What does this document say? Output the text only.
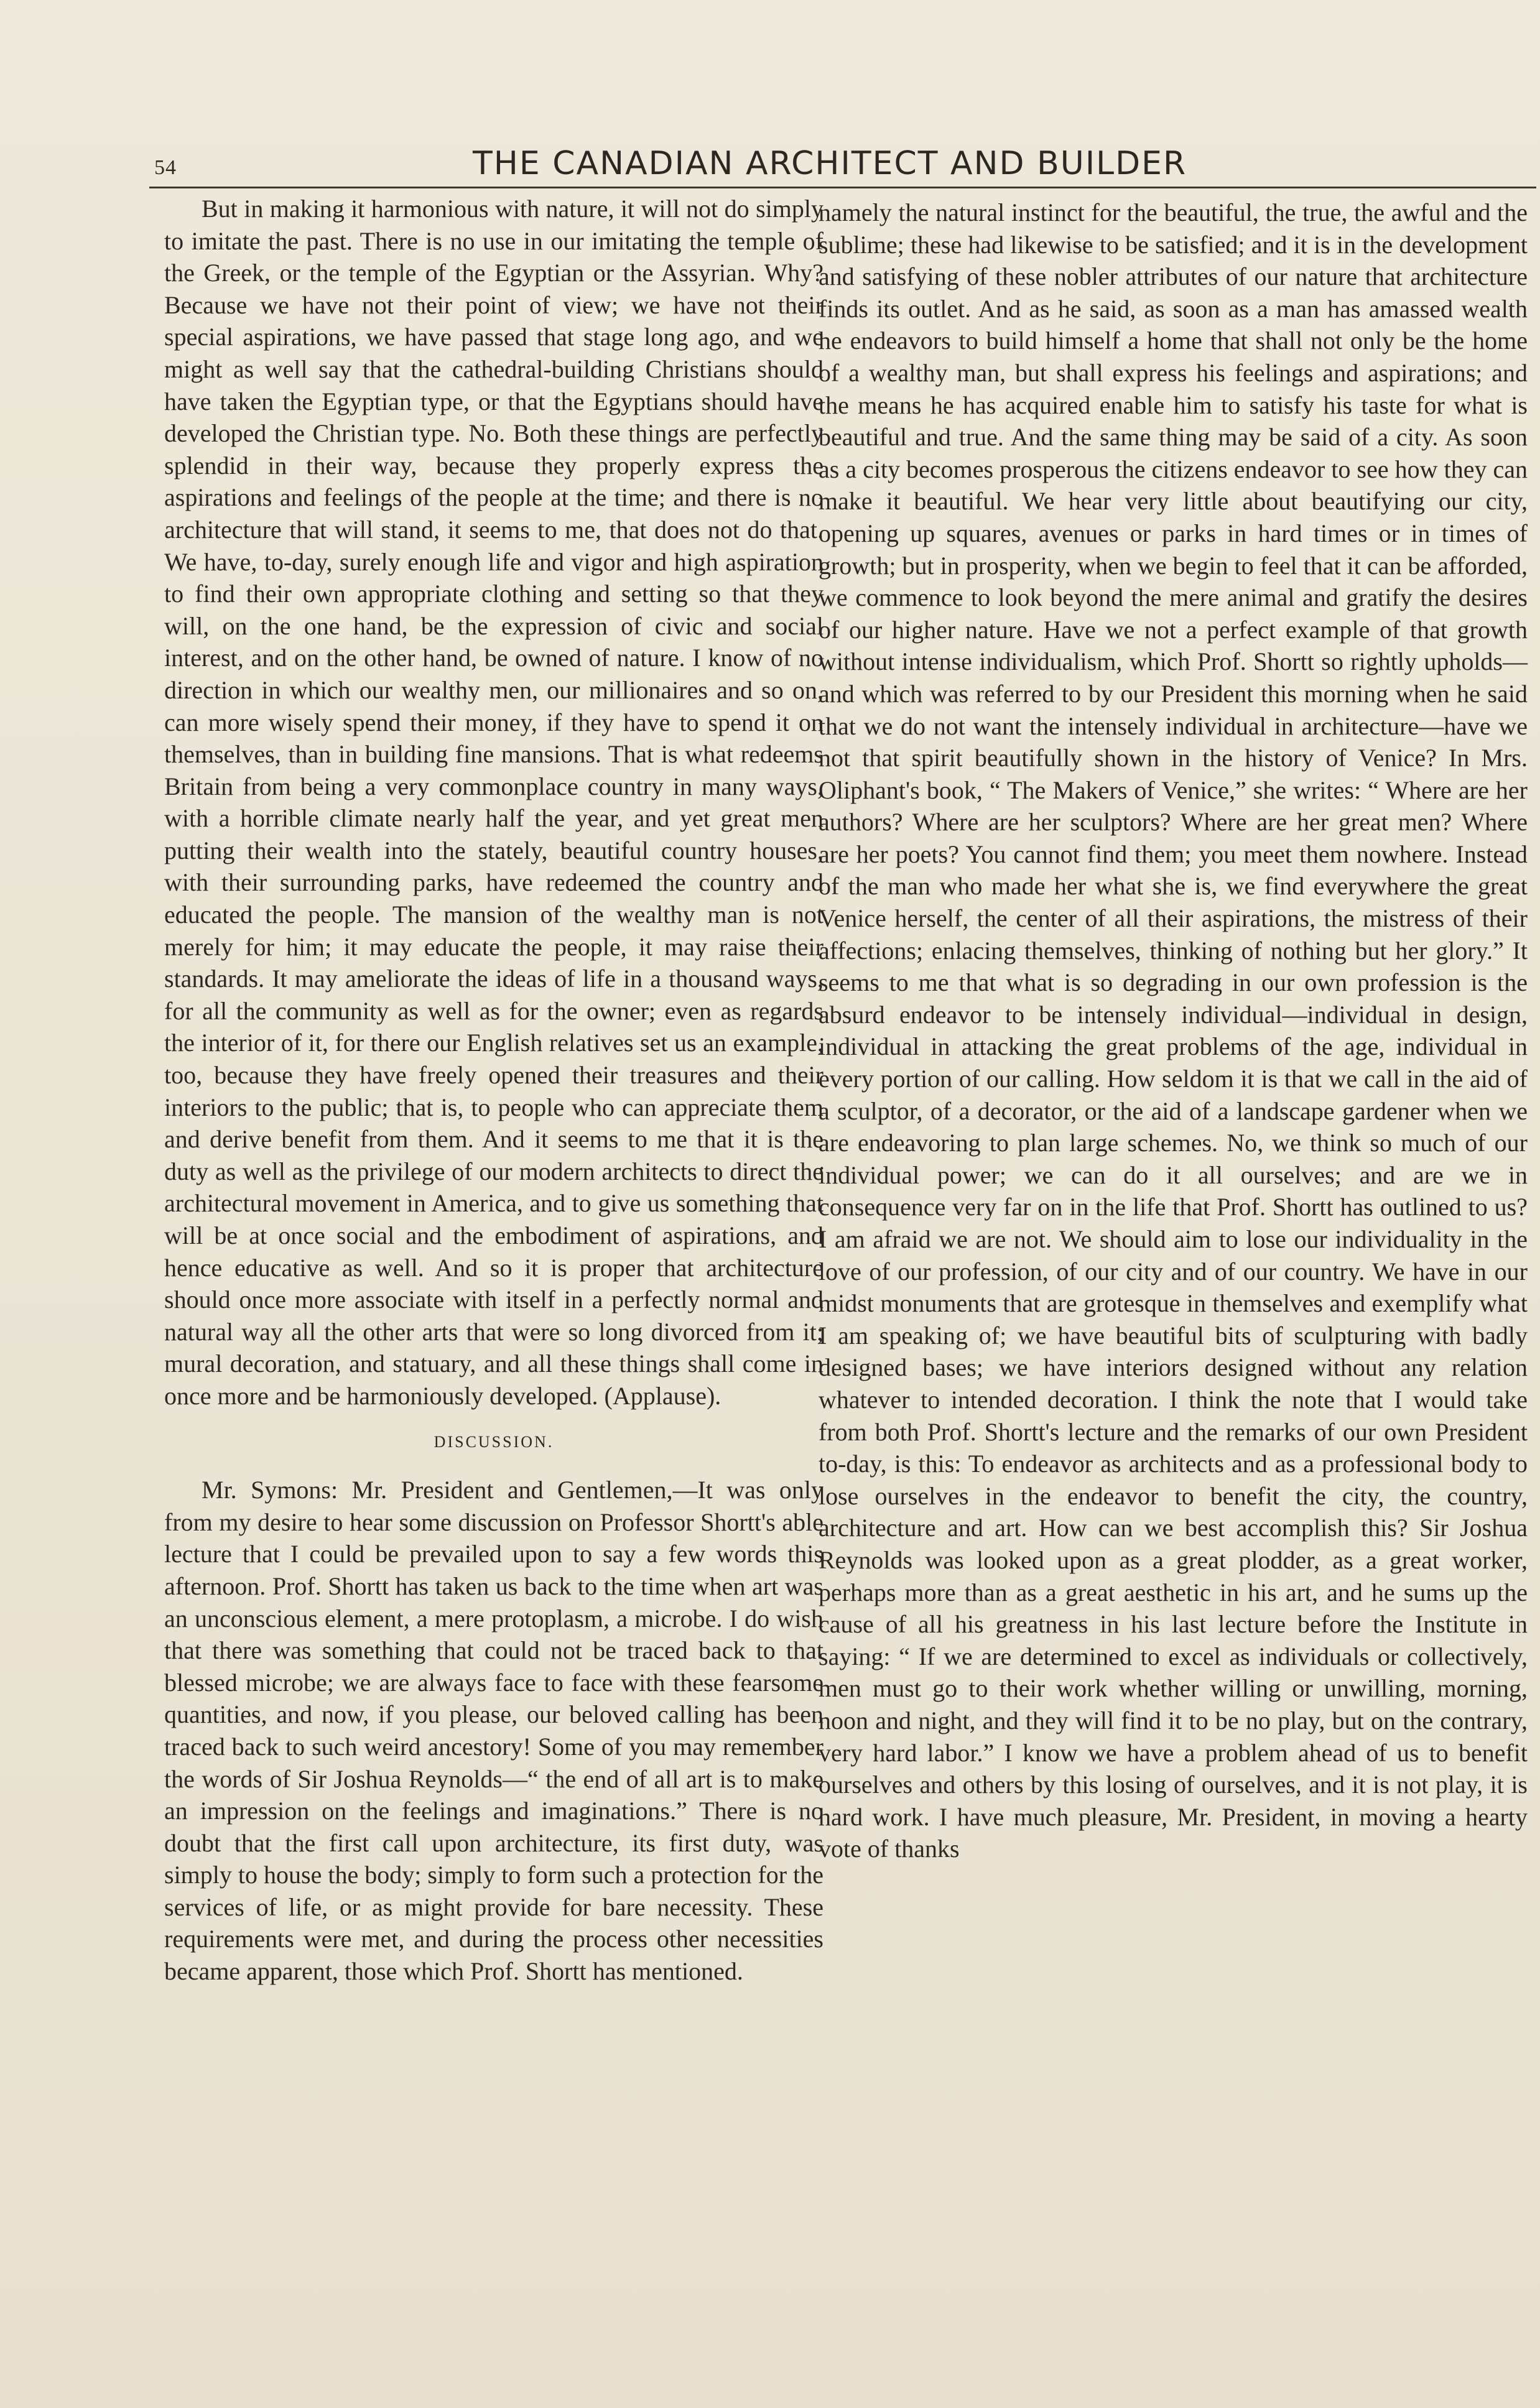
54	THE CANADIAN ARCHITECT AND BUILDER

But in making it harmonious with nature, it will not do simply to imitate the past. There is no use in our imitating the temple of the Greek, or the temple of the Egyptian or the Assyrian. Why? Because we have not their point of view; we have not their special aspirations, we have passed that stage long ago, and we might as well say that the cathedral-building Christians should have taken the Egyptian type, or that the Egyptians should have developed the Christian type. No. Both these things are perfectly splendid in their way, because they properly express the aspirations and feelings of the people at the time; and there is no architecture that will stand, it seems to me, that does not do that. We have, to-day, surely enough life and vigor and high aspiration to find their own appropriate clothing and setting so that they will, on the one hand, be the expression of civic and social interest, and on the other hand, be owned of nature. I know of no direction in which our wealthy men, our millionaires and so on, can more wisely spend their money, if they have to spend it on themselves, than in building fine mansions. That is what redeems Britain from being a very commonplace country in many ways, with a horrible climate nearly half the year, and yet great men putting their wealth into the stately, beautiful country houses, with their surrounding parks, have redeemed the country and educated the people. The mansion of the wealthy man is not merely for him; it may educate the people, it may raise their standards. It may ameliorate the ideas of life in a thousand ways, for all the community as well as for the owner; even as regards the interior of it, for there our English relatives set us an example, too, because they have freely opened their treasures and their interiors to the public; that is, to people who can appreciate them and derive benefit from them. And it seems to me that it is the duty as well as the privilege of our modern architects to direct the architectural movement in America, and to give us something that will be at once social and the embodiment of aspirations, and hence educative as well. And so it is proper that architecture should once more associate with itself in a perfectly normal and natural way all the other arts that were so long divorced from it; mural decoration, and statuary, and all these things shall come in once more and be harmoniously developed. (Applause).

DISCUSSION.

Mr. Symons: Mr. President and Gentlemen,—It was only from my desire to hear some discussion on Professor Shortt's able lecture that I could be prevailed upon to say a few words this afternoon. Prof. Shortt has taken us back to the time when art was an unconscious element, a mere protoplasm, a microbe. I do wish that there was something that could not be traced back to that blessed microbe; we are always face to face with these fearsome quantities, and now, if you please, our beloved calling has been traced back to such weird ancestory! Some of you may remember the words of Sir Joshua Reynolds—“ the end of all art is to make an impression on the feelings and imaginations.” There is no doubt that the first call upon architecture, its first duty, was simply to house the body; simply to form such a protection for the services of life, or as might provide for bare necessity. These requirements were met, and during the process other necessities became apparent, those which Prof. Shortt has mentioned.

namely the natural instinct for the beautiful, the true, the awful and the sublime; these had likewise to be satisfied; and it is in the development and satisfying of these nobler attributes of our nature that architecture finds its outlet. And as he said, as soon as a man has amassed wealth he endeavors to build himself a home that shall not only be the home of a wealthy man, but shall express his feelings and aspirations; and the means he has acquired enable him to satisfy his taste for what is beautiful and true. And the same thing may be said of a city. As soon as a city becomes prosperous the citizens endeavor to see how they can make it beautiful. We hear very little about beautifying our city, opening up squares, avenues or parks in hard times or in times of growth; but in prosperity, when we begin to feel that it can be afforded, we commence to look beyond the mere animal and gratify the desires of our higher nature. Have we not a perfect example of that growth without intense individualism, which Prof. Shortt so rightly upholds—and which was referred to by our President this morning when he said that we do not want the intensely individual in architecture—have we not that spirit beautifully shown in the history of Venice? In Mrs. Oliphant's book, “ The Makers of Venice,” she writes: “ Where are her authors? Where are her sculptors? Where are her great men? Where are her poets? You cannot find them; you meet them nowhere. Instead of the man who made her what she is, we find everywhere the great Venice herself, the center of all their aspirations, the mistress of their affections; enlacing themselves, thinking of nothing but her glory.” It seems to me that what is so degrading in our own profession is the absurd endeavor to be intensely individual—individual in design, individual in attacking the great problems of the age, individual in every portion of our calling. How seldom it is that we call in the aid of a sculptor, of a decorator, or the aid of a landscape gardener when we are endeavoring to plan large schemes. No, we think so much of our individual power; we can do it all ourselves; and are we in consequence very far on in the life that Prof. Shortt has outlined to us? I am afraid we are not. We should aim to lose our individuality in the love of our profession, of our city and of our country. We have in our midst monuments that are grotesque in themselves and exemplify what I am speaking of; we have beautiful bits of sculpturing with badly designed bases; we have interiors designed without any relation whatever to intended decoration. I think the note that I would take from both Prof. Shortt's lecture and the remarks of our own President to-day, is this: To endeavor as architects and as a professional body to lose ourselves in the endeavor to benefit the city, the country, architecture and art. How can we best accomplish this? Sir Joshua Reynolds was looked upon as a great plodder, as a great worker, perhaps more than as a great aesthetic in his art, and he sums up the cause of all his greatness in his last lecture before the Institute in saying: “ If we are determined to excel as individuals or collectively, men must go to their work whether willing or unwilling, morning, noon and night, and they will find it to be no play, but on the contrary, very hard labor.” I know we have a problem ahead of us to benefit ourselves and others by this losing of ourselves, and it is not play, it is hard work. I have much pleasure, Mr. President, in moving a hearty vote of thanks
